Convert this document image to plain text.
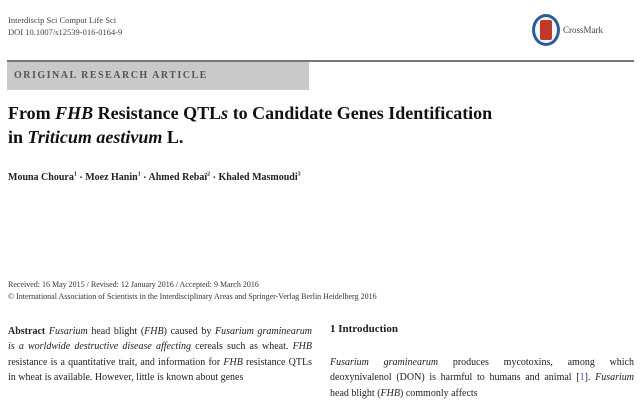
Interdiscip Sci Comput Life Sci
DOI 10.1007/s12539-016-0164-9	CrossMark
ORIGINAL RESEARCH ARTICLE
From FHB Resistance QTLs to Candidate Genes Identification
in Triticum aestivum L.
Mouna Choura$^1$ · Moez Hanin$^1$ · Ahmed Rebaï$^2$ · Khaled Masmoudi$^3$
Received: 16 May 2015 / Revised: 12 January 2016 / Accepted: 9 March 2016
© International Association of Scientists in the Interdisciplinary Areas and Springer-Verlag Berlin Heidelberg 2016
Abstract Fusarium head blight (FHB) caused by Fusarium graminearum is a worldwide destructive disease affecting cereals such as wheat. FHB resistance is a quantitative trait, and information for FHB resistance QTLs in wheat is available. However, little is known about genes
1 Introduction
Fusarium graminearum produces mycotoxins, among which deoxynivalenol (DON) is harmful to humans and animal [1]. Fusarium head blight (FHB) commonly affects
